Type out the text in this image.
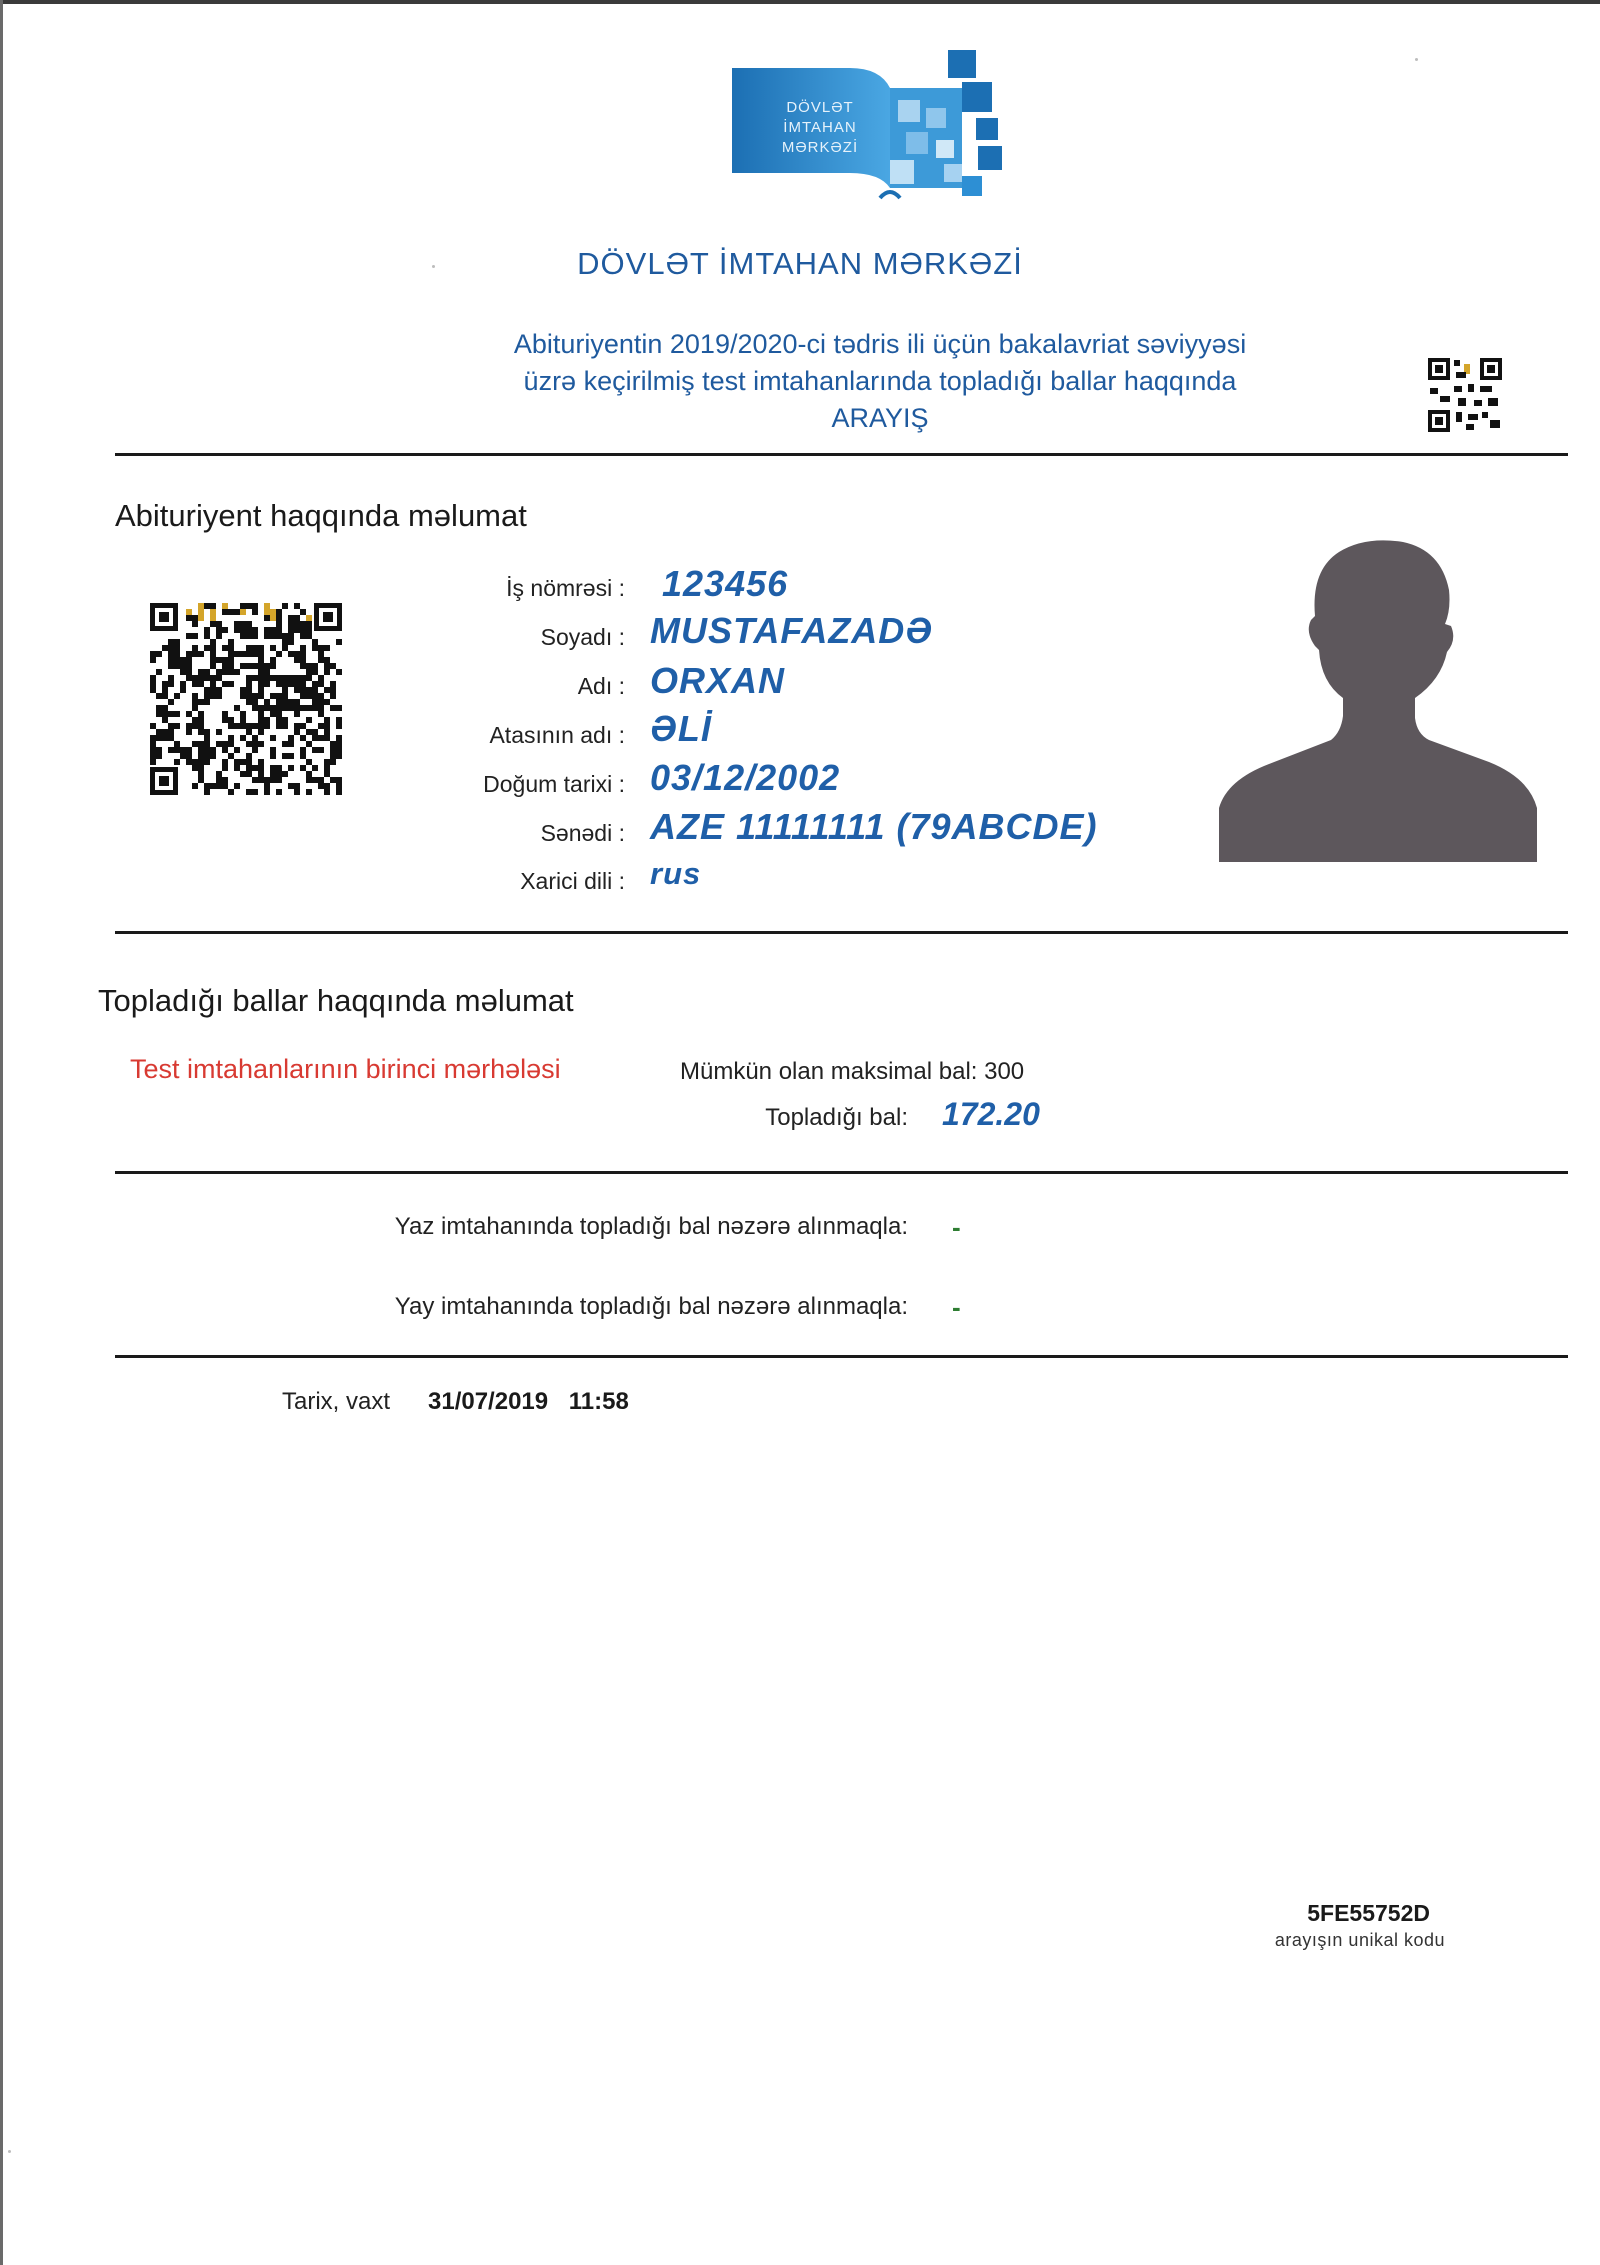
DÖVLƏT
İMTAHAN
MƏRKƏZİ
DÖVLƏT İMTAHAN MƏRKƏZİ
Abituriyentin 2019/2020-ci tədris ili üçün bakalavriat səviyyəsi
üzrə keçirilmiş test imtahanlarında topladığı ballar haqqında
ARAYIŞ
Abituriyent haqqında məlumat
İş nömrəsi : 123456
Soyadı : MUSTAFAZADƏ
Adı : ORXAN
Atasının adı : ƏLİ
Doğum tarixi : 03/12/2002
Sənədi : AZE 11111111 (79ABCDE)
Xarici dili : rus
Topladığı ballar haqqında məlumat
Test imtahanlarının birinci mərhələsi	Mümkün olan maksimal bal: 300
Topladığı bal: 172.20
Yaz imtahanında topladığı bal nəzərə alınmaqla: -
Yay imtahanında topladığı bal nəzərə alınmaqla: -
Tarix, vaxt 31/07/2019 11:58
5FE55752D
arayışın unikal kodu
